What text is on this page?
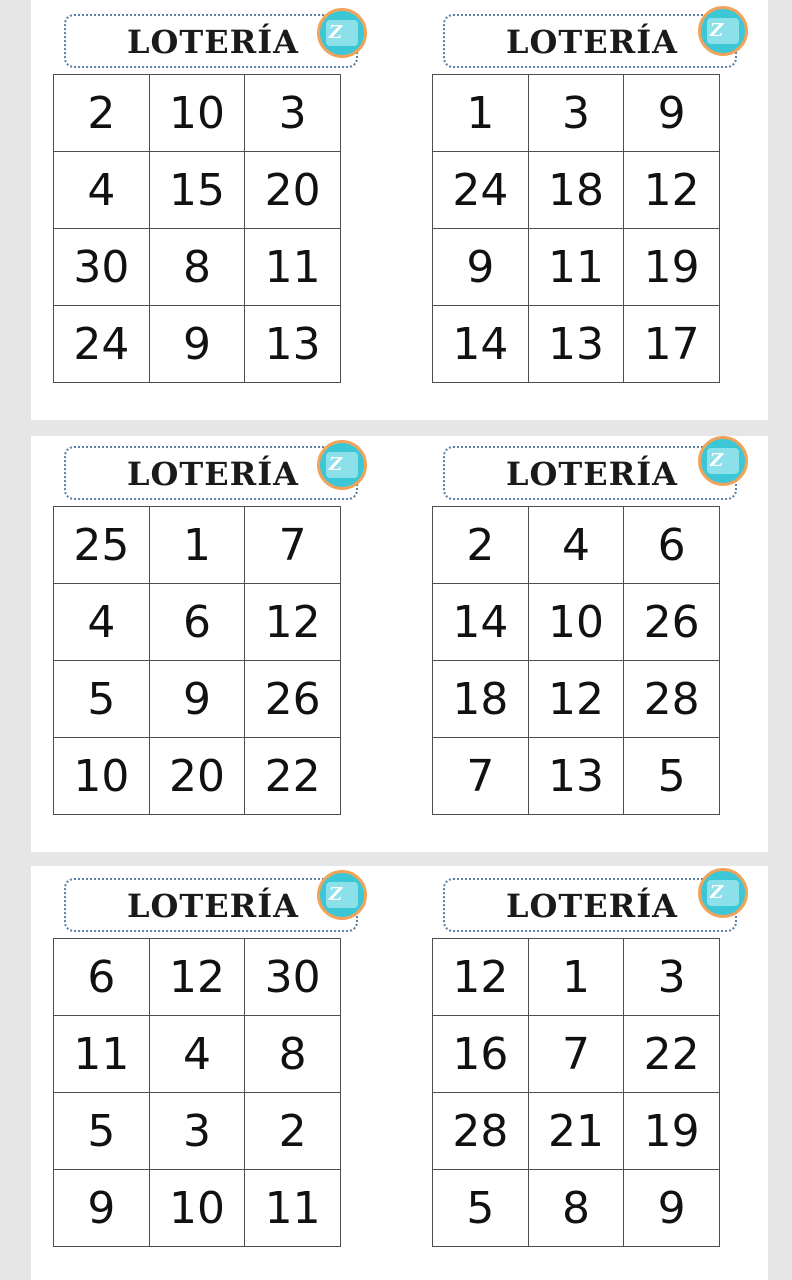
LOTERÍA	Z
2	10	3
4	15	20
30	8	11
24	9	13
LOTERÍA	Z
1	3	9
24	18	12
9	11	19
14	13	17
LOTERÍA	Z
25	1	7
4	6	12
5	9	26
10	20	22
LOTERÍA	Z
2	4	6
14	10	26
18	12	28
7	13	5
LOTERÍA	Z
6	12	30
11	4	8
5	3	2
9	10	11
LOTERÍA	Z
12	1	3
16	7	22
28	21	19
5	8	9
